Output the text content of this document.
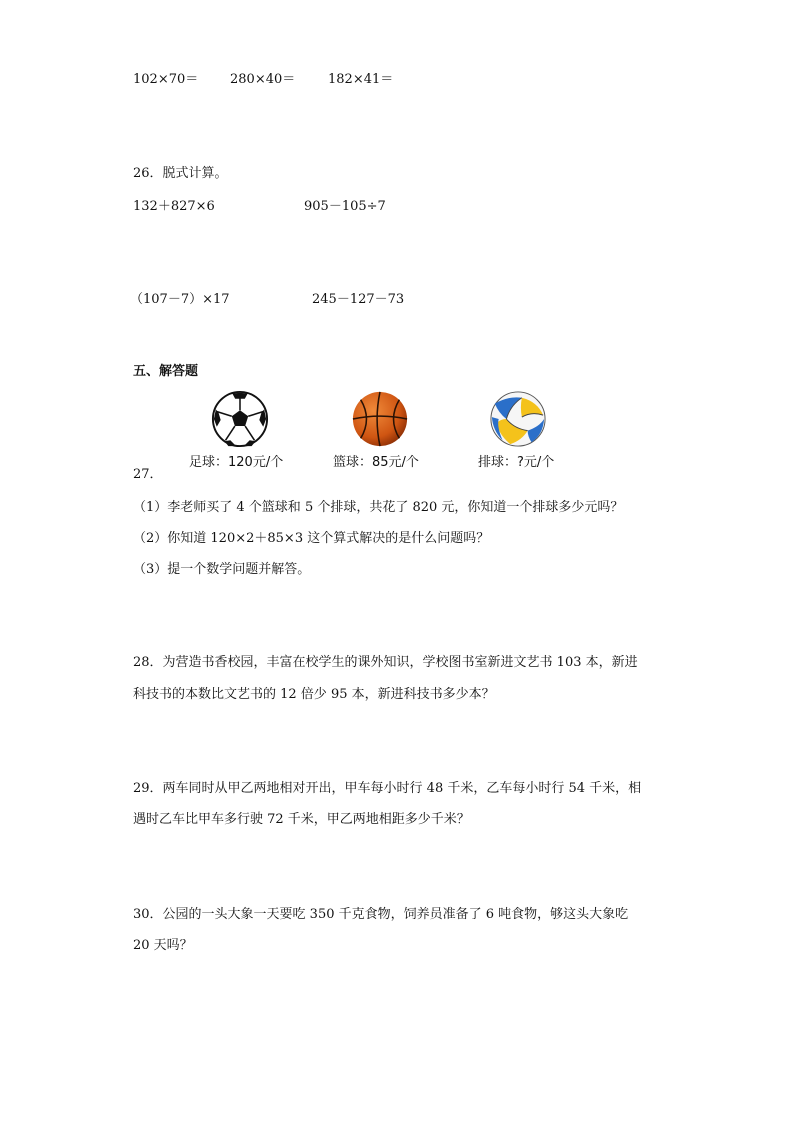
102×70＝ 280×40＝	182×41＝
26．脱式计算。
132＋827×6	905－105÷7
（107－7）×17	245－127－73
五、解答题
27．
足球：120元/个	篮球：85元/个	排球：?元/个
（1）李老师买了 4 个篮球和 5 个排球，共花了 820 元，你知道一个排球多少元吗？
（2）你知道 120×2＋85×3 这个算式解决的是什么问题吗？
（3）提一个数学问题并解答。
28．为营造书香校园，丰富在校学生的课外知识，学校图书室新进文艺书 103 本，新进
科技书的本数比文艺书的 12 倍少 95 本，新进科技书多少本？
29．两车同时从甲乙两地相对开出，甲车每小时行 48 千米，乙车每小时行 54 千米，相
遇时乙车比甲车多行驶 72 千米，甲乙两地相距多少千米？
30．公园的一头大象一天要吃 350 千克食物，饲养员准备了 6 吨食物，够这头大象吃
20 天吗？
